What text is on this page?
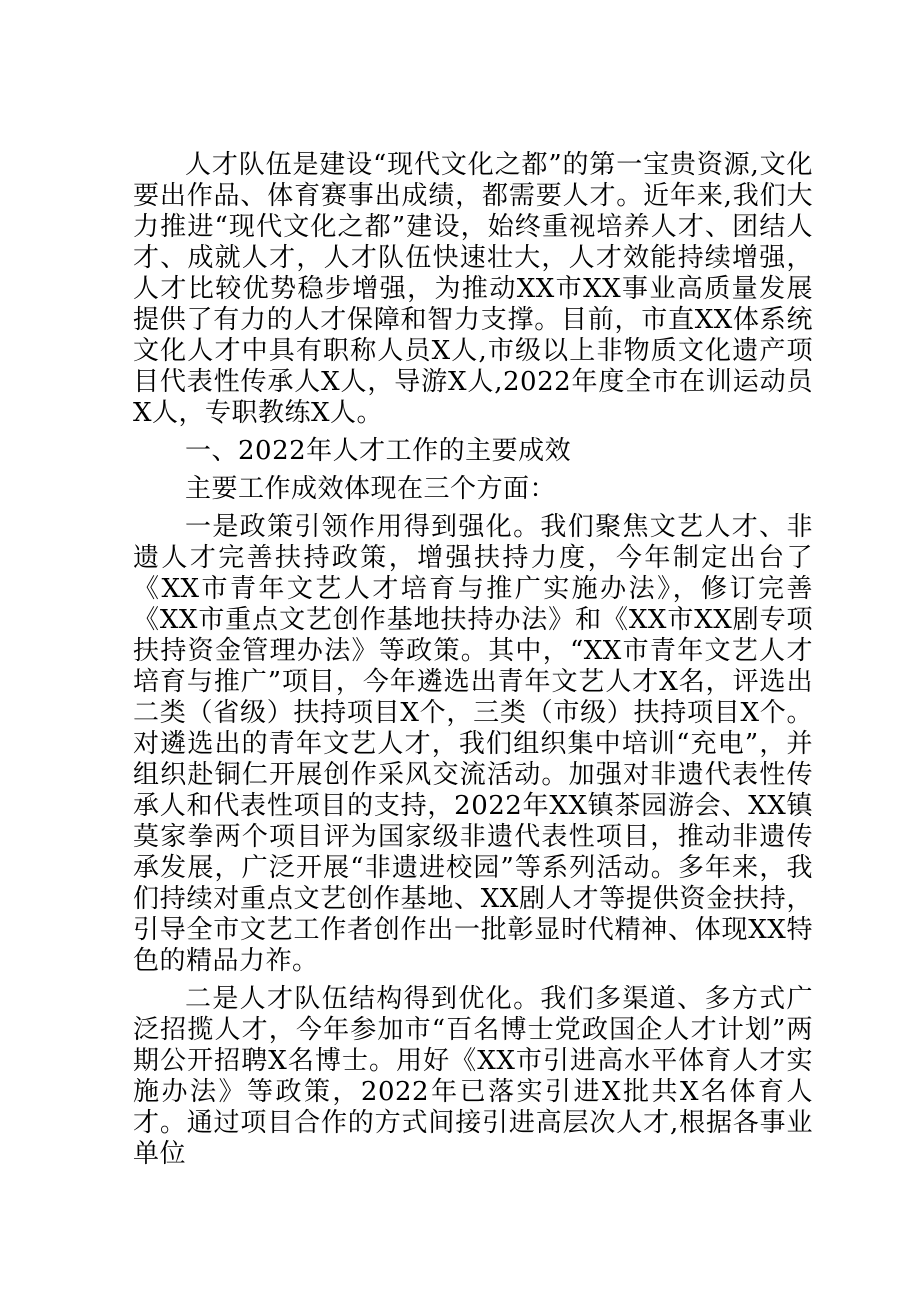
人才队伍是建设“现代文化之都”的第一宝贵资源,文化要出作品、体育赛事出成绩，都需要人才。近年来,我们大力推进“现代文化之都”建设，始终重视培养人才、团结人才、成就人才，人才队伍快速壮大，人才效能持续增强，人才比较优势稳步增强，为推动XX市XX事业高质量发展提供了有力的人才保障和智力支撑。目前，市直XX体系统文化人才中具有职称人员X人,市级以上非物质文化遗产项目代表性传承人X人，导游X人,2022年度全市在训运动员X人，专职教练X人。

一、2022年人才工作的主要成效

主要工作成效体现在三个方面：

一是政策引领作用得到强化。我们聚焦文艺人才、非遗人才完善扶持政策，增强扶持力度，今年制定出台了《XX市青年文艺人才培育与推广实施办法》，修订完善《XX市重点文艺创作基地扶持办法》和《XX市XX剧专项扶持资金管理办法》等政策。其中，“XX市青年文艺人才培育与推广”项目，今年遴选出青年文艺人才X名，评选出二类（省级）扶持项目X个，三类（市级）扶持项目X个。对遴选出的青年文艺人才，我们组织集中培训“充电”，并组织赴铜仁开展创作采风交流活动。加强对非遗代表性传承人和代表性项目的支持，2022年XX镇茶园游会、XX镇莫家拳两个项目评为国家级非遗代表性项目，推动非遗传承发展，广泛开展“非遗进校园”等系列活动。多年来，我们持续对重点文艺创作基地、XX剧人才等提供资金扶持，引导全市文艺工作者创作出一批彰显时代精神、体现XX特色的精品力祚。

二是人才队伍结构得到优化。我们多渠道、多方式广泛招揽人才，今年参加市“百名博士党政国企人才计划”两期公开招聘X名博士。用好《XX市引进高水平体育人才实施办法》等政策，2022年已落实引进X批共X名体育人才。通过项目合作的方式间接引进高层次人才,根据各事业单位
